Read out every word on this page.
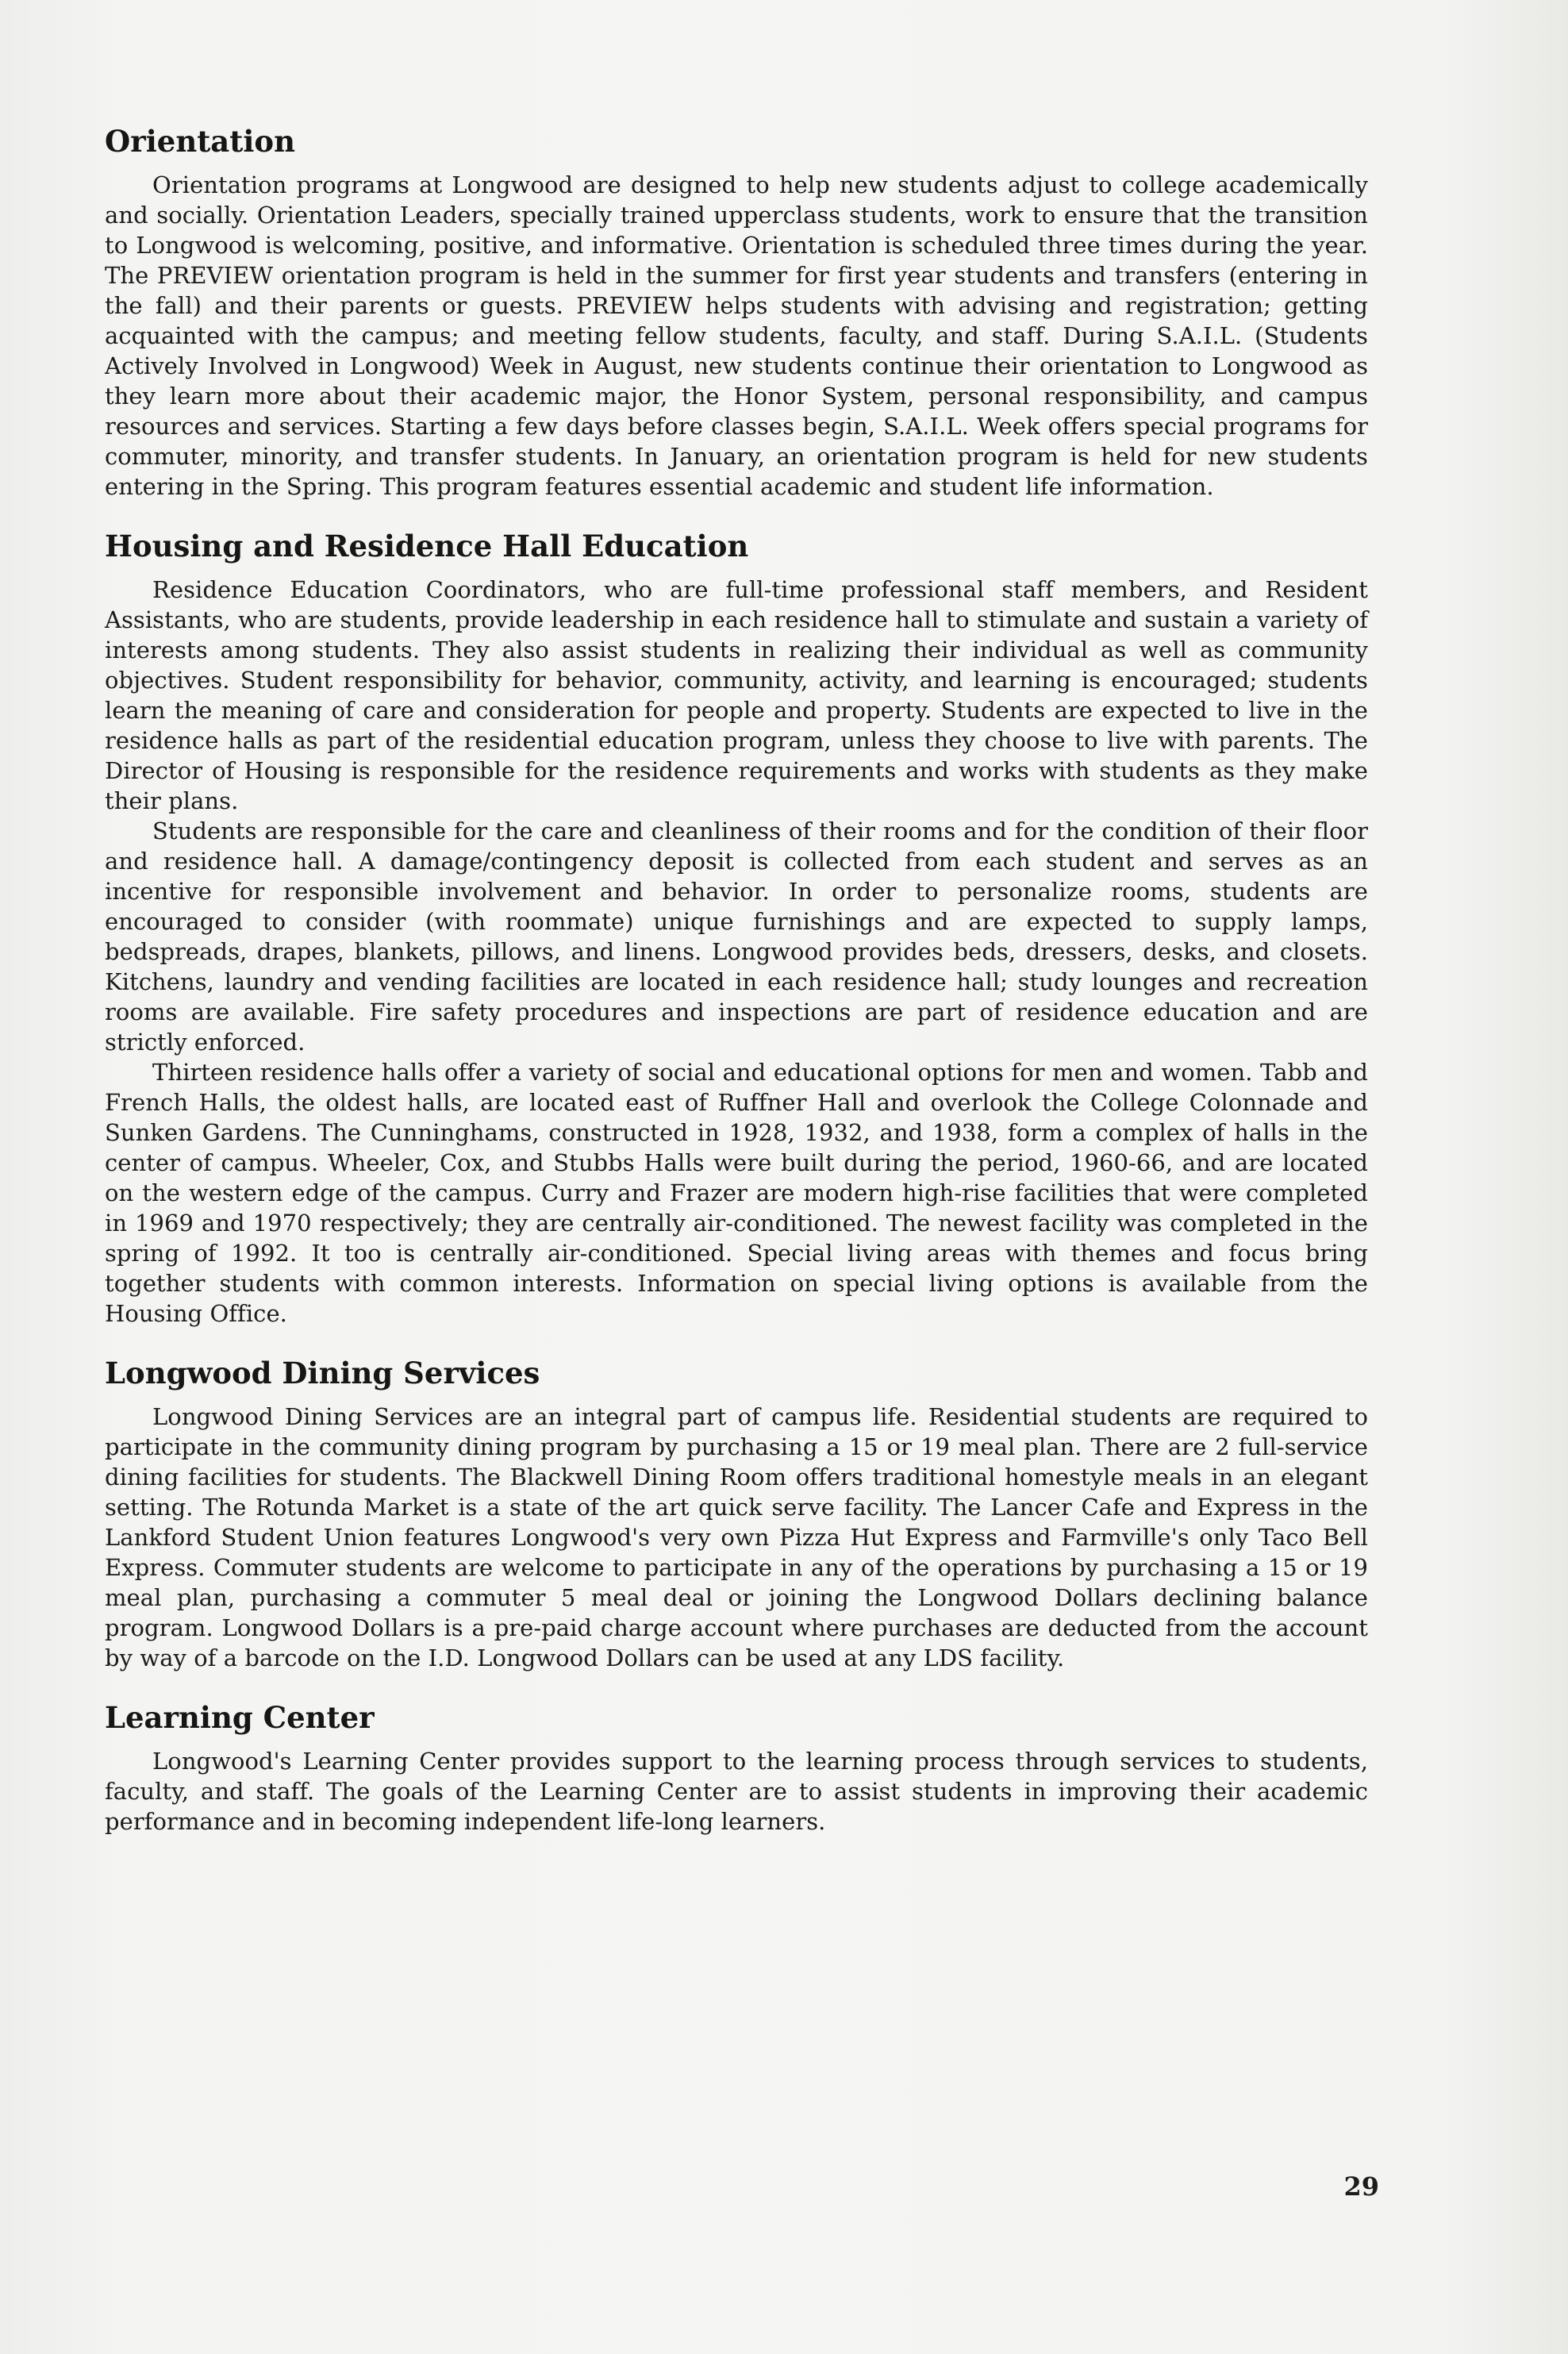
Orientation

Orientation programs at Longwood are designed to help new students adjust to college academically and socially. Orientation Leaders, specially trained upperclass students, work to ensure that the transition to Longwood is welcoming, positive, and informative. Orientation is scheduled three times during the year. The PREVIEW orientation program is held in the summer for first year students and transfers (entering in the fall) and their parents or guests. PREVIEW helps students with advising and registration; getting acquainted with the campus; and meeting fellow students, faculty, and staff. During S.A.I.L. (Students Actively Involved in Longwood) Week in August, new students continue their orientation to Longwood as they learn more about their academic major, the Honor System, personal responsibility, and campus resources and services. Starting a few days before classes begin, S.A.I.L. Week offers special programs for commuter, minority, and transfer students. In January, an orientation program is held for new students entering in the Spring. This program features essential academic and student life information.

Housing and Residence Hall Education

Residence Education Coordinators, who are full-time professional staff members, and Resident Assistants, who are students, provide leadership in each residence hall to stimulate and sustain a variety of interests among students. They also assist students in realizing their individual as well as community objectives. Student responsibility for behavior, community, activity, and learning is encouraged; students learn the meaning of care and consideration for people and property. Students are expected to live in the residence halls as part of the residential education program, unless they choose to live with parents. The Director of Housing is responsible for the residence requirements and works with students as they make their plans.

Students are responsible for the care and cleanliness of their rooms and for the condition of their floor and residence hall. A damage/contingency deposit is collected from each student and serves as an incentive for responsible involvement and behavior. In order to personalize rooms, students are encouraged to consider (with roommate) unique furnishings and are expected to supply lamps, bedspreads, drapes, blankets, pillows, and linens. Longwood provides beds, dressers, desks, and closets. Kitchens, laundry and vending facilities are located in each residence hall; study lounges and recreation rooms are available. Fire safety procedures and inspections are part of residence education and are strictly enforced.

Thirteen residence halls offer a variety of social and educational options for men and women. Tabb and French Halls, the oldest halls, are located east of Ruffner Hall and overlook the College Colonnade and Sunken Gardens. The Cunninghams, constructed in 1928, 1932, and 1938, form a complex of halls in the center of campus. Wheeler, Cox, and Stubbs Halls were built during the period, 1960-66, and are located on the western edge of the campus. Curry and Frazer are modern high-rise facilities that were completed in 1969 and 1970 respectively; they are centrally air-conditioned. The newest facility was completed in the spring of 1992. It too is centrally air-conditioned. Special living areas with themes and focus bring together students with common interests. Information on special living options is available from the Housing Office.

Longwood Dining Services

Longwood Dining Services are an integral part of campus life. Residential students are required to participate in the community dining program by purchasing a 15 or 19 meal plan. There are 2 full-service dining facilities for students. The Blackwell Dining Room offers traditional homestyle meals in an elegant setting. The Rotunda Market is a state of the art quick serve facility. The Lancer Cafe and Express in the Lankford Student Union features Longwood's very own Pizza Hut Express and Farmville's only Taco Bell Express. Commuter students are welcome to participate in any of the operations by purchasing a 15 or 19 meal plan, purchasing a commuter 5 meal deal or joining the Longwood Dollars declining balance program. Longwood Dollars is a pre-paid charge account where purchases are deducted from the account by way of a barcode on the I.D. Longwood Dollars can be used at any LDS facility.

Learning Center

Longwood's Learning Center provides support to the learning process through services to students, faculty, and staff. The goals of the Learning Center are to assist students in improving their academic performance and in becoming independent life-long learners.

29
